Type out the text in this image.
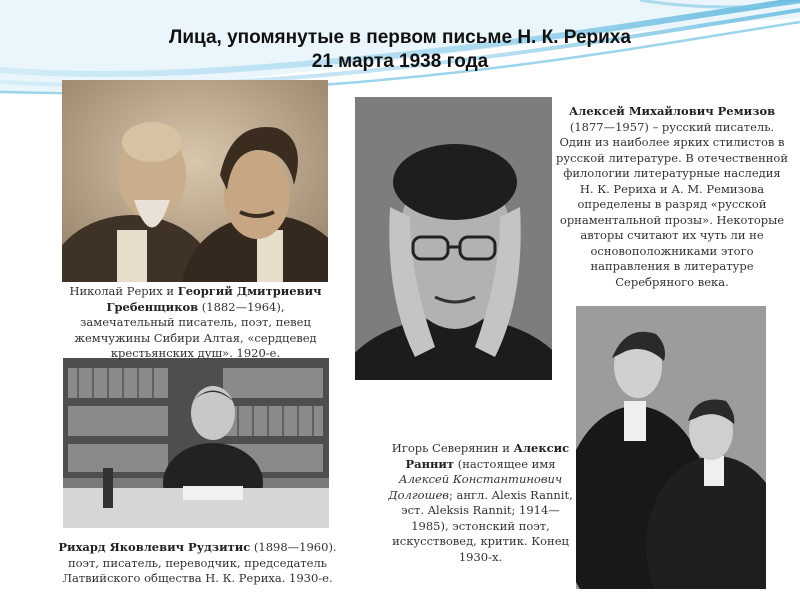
Лица, упомянутые в первом письме Н. К. Рериха
21 марта 1938 года
Николай Рерих и Георгий Дмитриевич Гребенщиков (1882—1964), замечательный писатель, поэт, певец жемчужины Сибири Алтая, «сердцевед крестьянских душ». 1920-е.
Алексей Михайлович Ремизов
(1877—1957) – русский писатель. Один из наиболее ярких стилистов в русской литературе. В отечественной филологии литературные наследия Н. К. Рериха и А. М. Ремизова определены в разряд «русской орнаментальной прозы». Некоторые авторы считают их чуть ли не основоположниками этого направления в литературе Серебряного века.
Рихард Яковлевич Рудзитис (1898—1960). поэт, писатель, переводчик, председатель Латвийского общества Н. К. Рериха. 1930-е.
Игорь Северянин и Алексис Раннит (настоящее имя Алексей Константинович Долгошев; англ. Alexis Rannit, эст. Aleksis Rannit; 1914—1985), эстонский поэт, искусствовед, критик. Конец 1930-х.
